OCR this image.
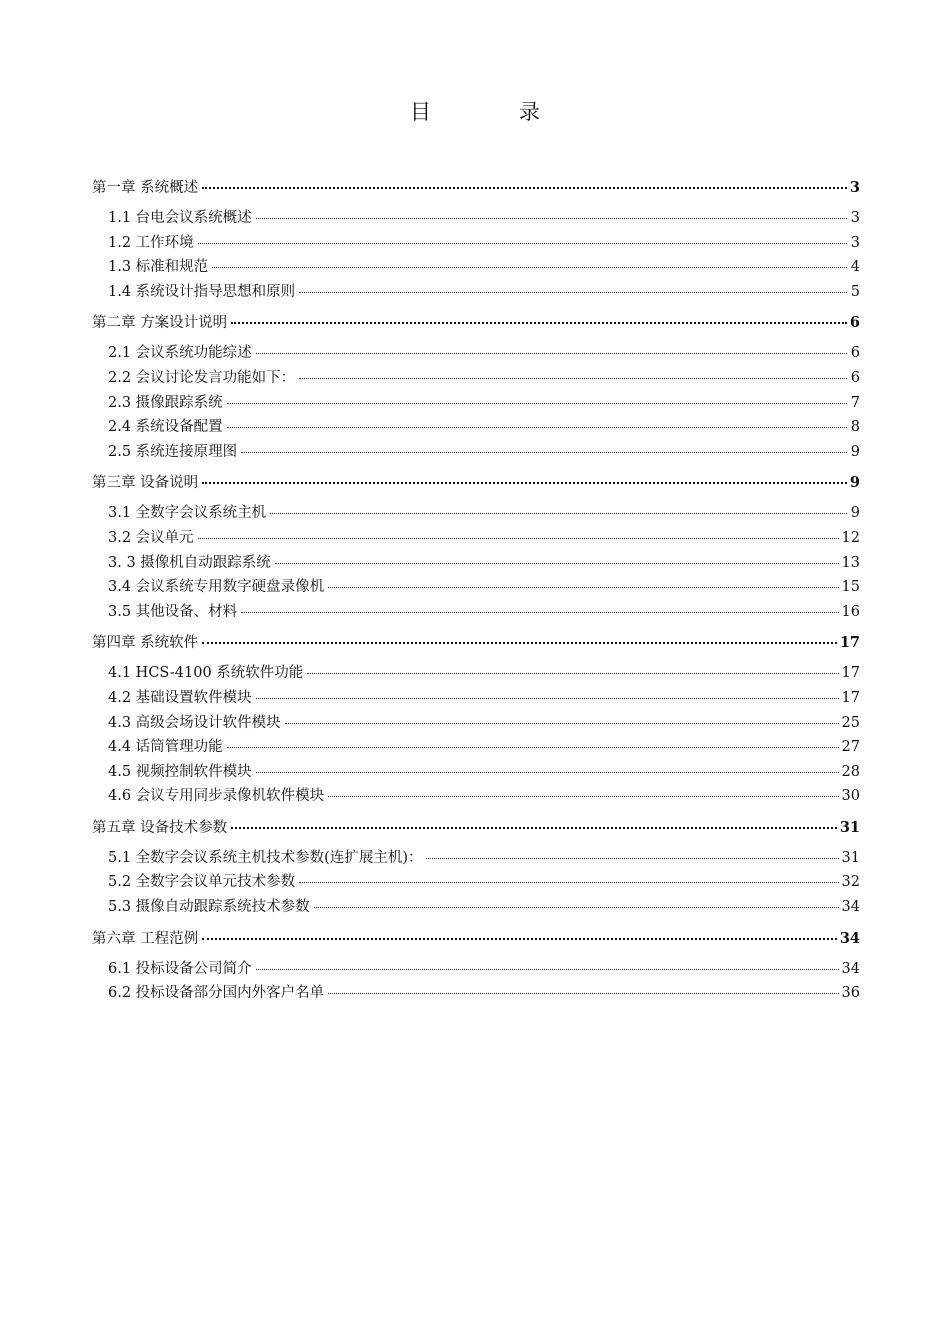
目	录
第一章 系统概述	3
1.1 台电会议系统概述	3
1.2 工作环境	3
1.3 标准和规范	4
1.4 系统设计指导思想和原则	5
第二章 方案设计说明	6
2.1 会议系统功能综述	6
2.2 会议讨论发言功能如下：	6
2.3 摄像跟踪系统	7
2.4 系统设备配置	8
2.5 系统连接原理图	9
第三章 设备说明	9
3.1 全数字会议系统主机	9
3.2 会议单元	12
3. 3 摄像机自动跟踪系统	13
3.4 会议系统专用数字硬盘录像机	15
3.5 其他设备、材料	16
第四章 系统软件	17
4.1 HCS-4100 系统软件功能	17
4.2 基础设置软件模块	17
4.3 高级会场设计软件模块	25
4.4 话筒管理功能	27
4.5 视频控制软件模块	28
4.6 会议专用同步录像机软件模块	30
第五章 设备技术参数	31
5.1 全数字会议系统主机技术参数(连扩展主机)：	31
5.2 全数字会议单元技术参数	32
5.3 摄像自动跟踪系统技术参数	34
第六章 工程范例	34
6.1 投标设备公司简介	34
6.2 投标设备部分国内外客户名单	36
